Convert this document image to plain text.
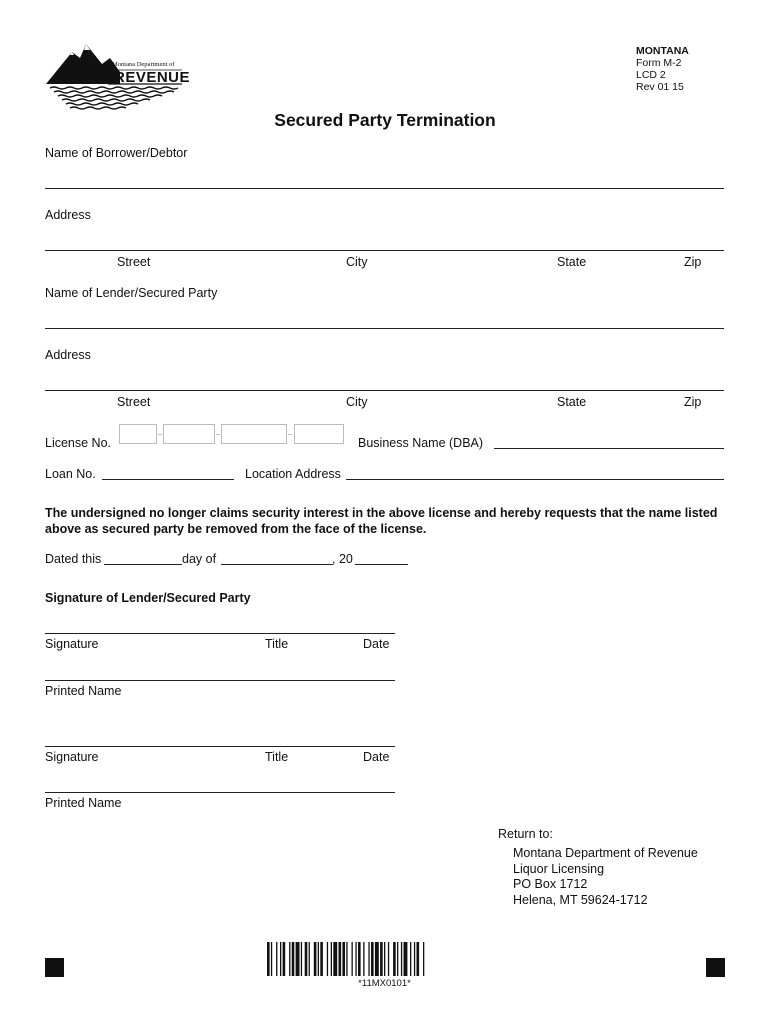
Montana Department of
REVENUE
MONTANA
Form M-2
LCD 2
Rev 01 15
Secured Party Termination
Name of Borrower/Debtor
Address
Street	City	State	Zip
Name of Lender/Secured Party
Address
Street	City	State	Zip
License No.	Business Name (DBA)
Loan No.	Location Address
The undersigned no longer claims security interest in the above license and hereby requests that the name listed above as secured party be removed from the face of the license.
Dated this	day of	, 20
Signature of Lender/Secured Party
Signature	Title	Date
Printed Name
Signature	Title	Date
Printed Name
Return to:
Montana Department of Revenue
Liquor Licensing
PO Box 1712
Helena, MT 59624-1712
*11MX0101*
